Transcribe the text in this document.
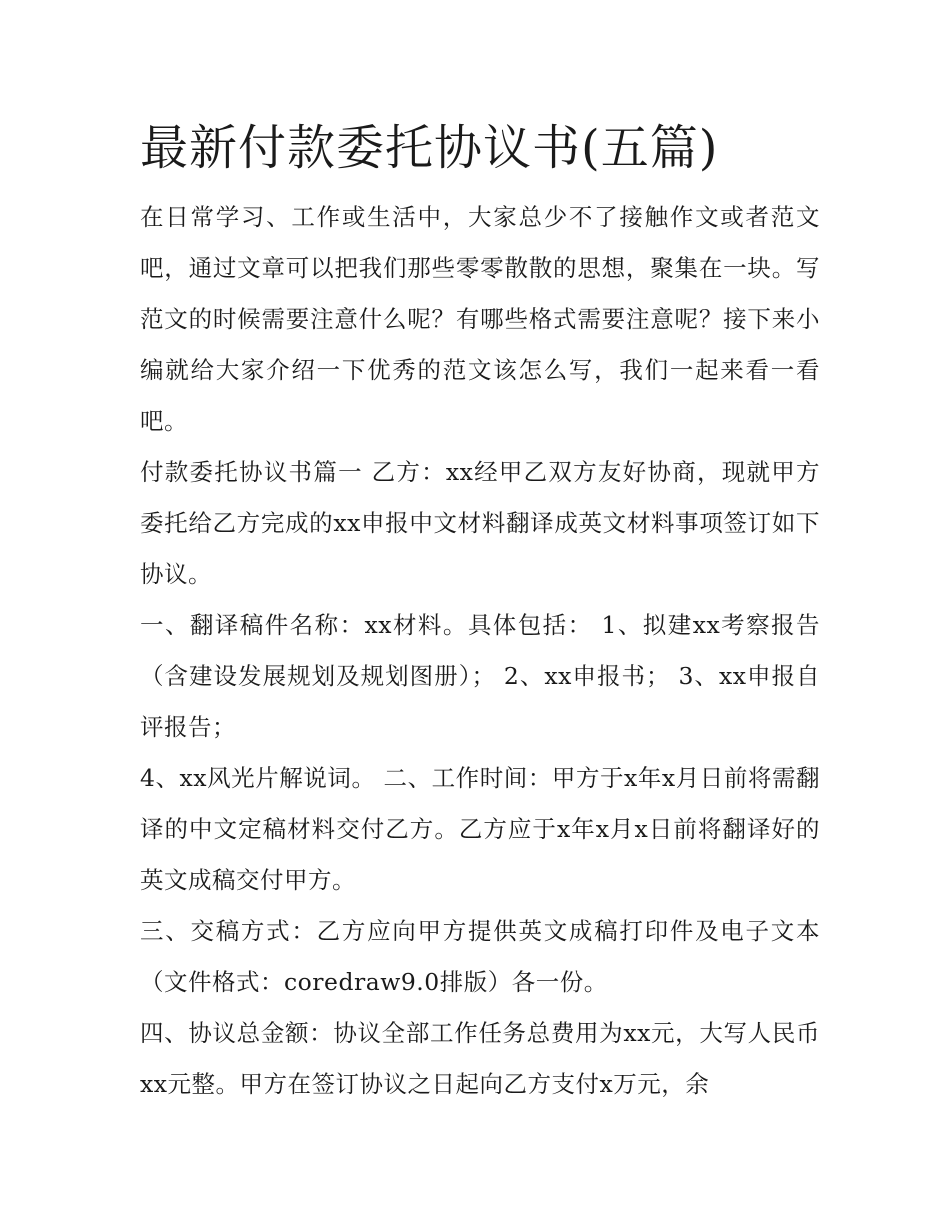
最新付款委托协议书(五篇)

在日常学习、工作或生活中，大家总少不了接触作文或者范文吧，通过文章可以把我们那些零零散散的思想，聚集在一块。写范文的时候需要注意什么呢？有哪些格式需要注意呢？接下来小编就给大家介绍一下优秀的范文该怎么写，我们一起来看一看吧。

付款委托协议书篇一 乙方：xx经甲乙双方友好协商，现就甲方委托给乙方完成的xx申报中文材料翻译成英文材料事项签订如下协议。

一、翻译稿件名称：xx材料。具体包括： 1、拟建xx考察报告（含建设发展规划及规划图册）； 2、xx申报书； 3、xx申报自评报告；

4、xx风光片解说词。 二、工作时间：甲方于x年x月日前将需翻译的中文定稿材料交付乙方。乙方应于x年x月x日前将翻译好的英文成稿交付甲方。

三、交稿方式：乙方应向甲方提供英文成稿打印件及电子文本（文件格式：coredraw9.0排版）各一份。

四、协议总金额：协议全部工作任务总费用为xx元，大写人民币xx元整。甲方在签订协议之日起向乙方支付x万元，余
